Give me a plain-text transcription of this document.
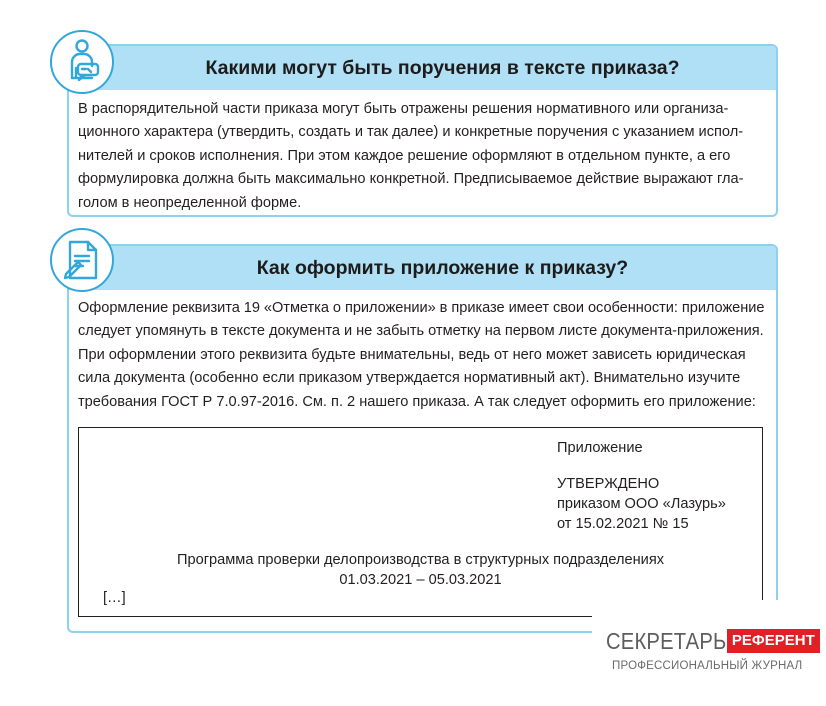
Какими могут быть поручения в тексте приказа?
В распорядительной части приказа могут быть отражены решения нормативного или организа-
ционного характера (утвердить, создать и так далее) и конкретные поручения с указанием испол-
нителей и сроков исполнения. При этом каждое решение оформляют в отдельном пункте, а его
формулировка должна быть максимально конкретной. Предписываемое действие выражают гла-
голом в неопределенной форме.
Как оформить приложение к приказу?
Оформление реквизита 19 «Отметка о приложении» в приказе имеет свои особенности: приложение
следует упомянуть в тексте документа и не забыть отметку на первом листе документа-приложения.
При оформлении этого реквизита будьте внимательны, ведь от него может зависеть юридическая
сила документа (особенно если приказом утверждается нормативный акт). Внимательно изучите
требования ГОСТ Р 7.0.97-2016. См. п. 2 нашего приказа. А так следует оформить его приложение:
Приложение
УТВЕРЖДЕНО
приказом ООО «Лазурь»
от 15.02.2021 № 15
Программа проверки делопроизводства в структурных подразделениях
01.03.2021 – 05.03.2021
[…]
СЕКРЕТАРЬ РЕФЕРЕНТ
ПРОФЕССИОНАЛЬНЫЙ ЖУРНАЛ
